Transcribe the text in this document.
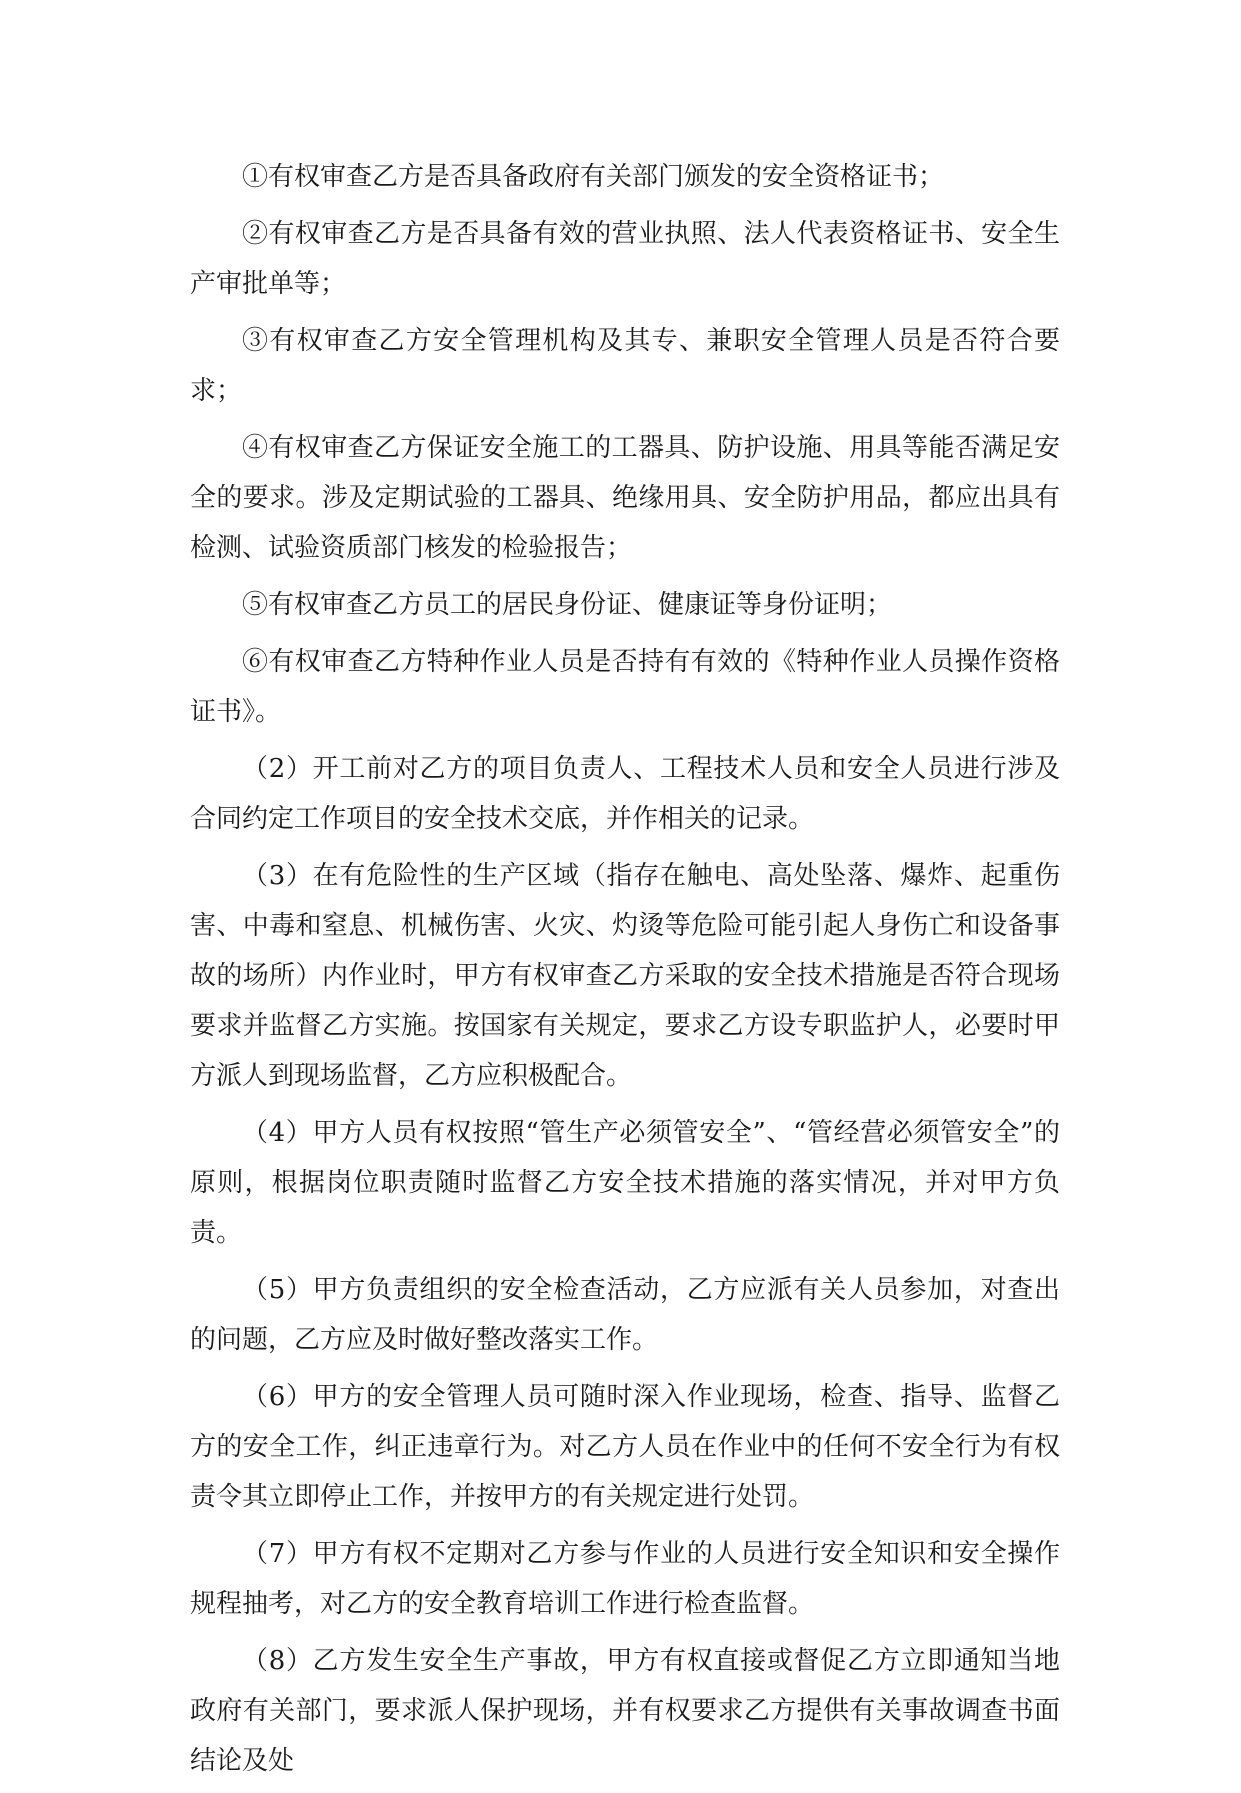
①有权审查乙方是否具备政府有关部门颁发的安全资格证书；

②有权审查乙方是否具备有效的营业执照、法人代表资格证书、安全生产审批单等；

③有权审查乙方安全管理机构及其专、兼职安全管理人员是否符合要求；

④有权审查乙方保证安全施工的工器具、防护设施、用具等能否满足安全的要求。涉及定期试验的工器具、绝缘用具、安全防护用品，都应出具有检测、试验资质部门核发的检验报告；

⑤有权审查乙方员工的居民身份证、健康证等身份证明；

⑥有权审查乙方特种作业人员是否持有有效的《特种作业人员操作资格证书》。

（2）开工前对乙方的项目负责人、工程技术人员和安全人员进行涉及合同约定工作项目的安全技术交底，并作相关的记录。

（3）在有危险性的生产区域（指存在触电、高处坠落、爆炸、起重伤害、中毒和窒息、机械伤害、火灾、灼烫等危险可能引起人身伤亡和设备事故的场所）内作业时，甲方有权审查乙方采取的安全技术措施是否符合现场要求并监督乙方实施。按国家有关规定，要求乙方设专职监护人，必要时甲方派人到现场监督，乙方应积极配合。

（4）甲方人员有权按照“管生产必须管安全”、“管经营必须管安全”的原则，根据岗位职责随时监督乙方安全技术措施的落实情况，并对甲方负责。

（5）甲方负责组织的安全检查活动，乙方应派有关人员参加，对查出的问题，乙方应及时做好整改落实工作。

（6）甲方的安全管理人员可随时深入作业现场，检查、指导、监督乙方的安全工作，纠正违章行为。对乙方人员在作业中的任何不安全行为有权责令其立即停止工作，并按甲方的有关规定进行处罚。

（7）甲方有权不定期对乙方参与作业的人员进行安全知识和安全操作规程抽考，对乙方的安全教育培训工作进行检查监督。

（8）乙方发生安全生产事故，甲方有权直接或督促乙方立即通知当地政府有关部门，要求派人保护现场，并有权要求乙方提供有关事故调查书面结论及处
